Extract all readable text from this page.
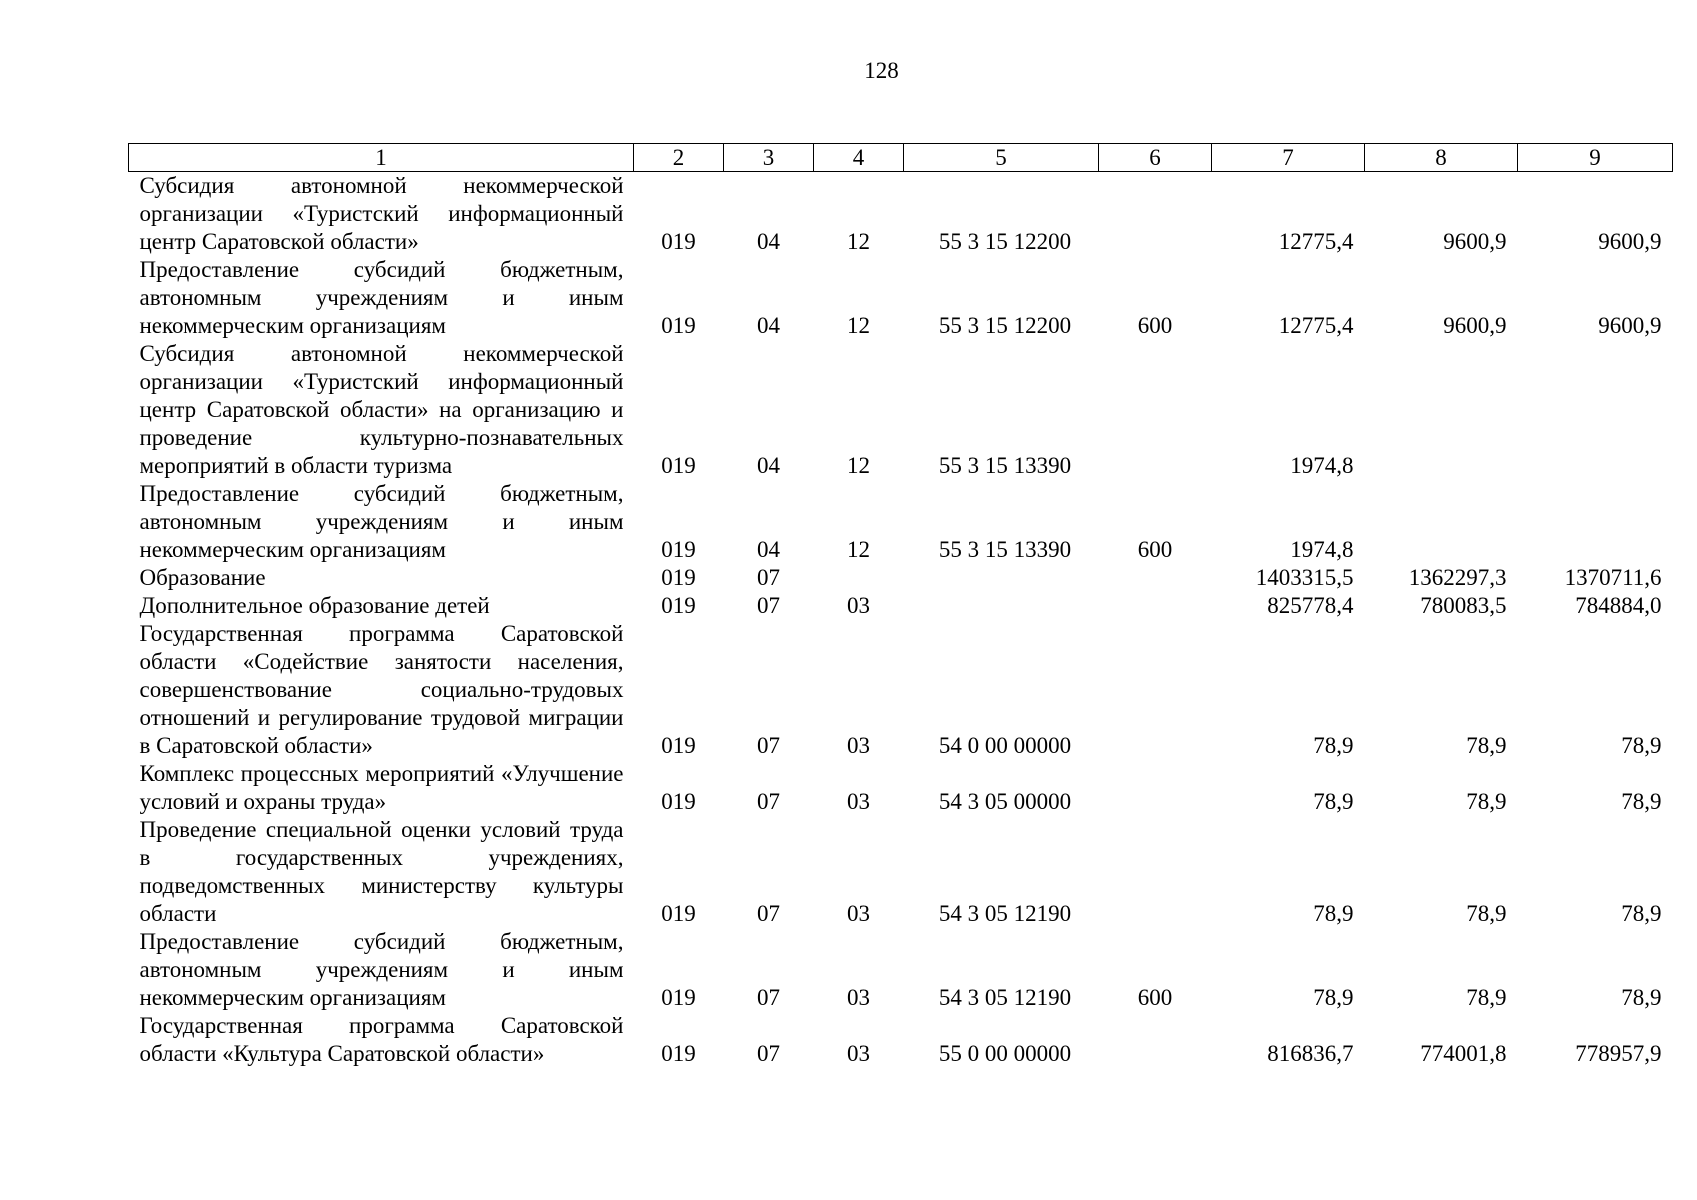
128
1	2	3	4	5	6	7	8	9
Субсидия автономной некоммерческой организации «Туристский информационный центр Саратовской области»	019	04	12	55 3 15 12200		12775,4	9600,9	9600,9
Предоставление субсидий бюджетным, автономным учреждениям и иным некоммерческим организациям	019	04	12	55 3 15 12200	600	12775,4	9600,9	9600,9
Субсидия автономной некоммерческой организации «Туристский информационный центр Саратовской области» на организацию и проведение культурно-познавательных мероприятий в области туризма	019	04	12	55 3 15 13390		1974,8		
Предоставление субсидий бюджетным, автономным учреждениям и иным некоммерческим организациям	019	04	12	55 3 15 13390	600	1974,8		
Образование	019	07				1403315,5	1362297,3	1370711,6
Дополнительное образование детей	019	07	03			825778,4	780083,5	784884,0
Государственная программа Саратовской области «Содействие занятости населения, совершенствование социально-трудовых отношений и регулирование трудовой миграции в Саратовской области»	019	07	03	54 0 00 00000		78,9	78,9	78,9
Комплекс процессных мероприятий «Улучшение условий и охраны труда»	019	07	03	54 3 05 00000		78,9	78,9	78,9
Проведение специальной оценки условий труда в государственных учреждениях, подведомственных министерству культуры области	019	07	03	54 3 05 12190		78,9	78,9	78,9
Предоставление субсидий бюджетным, автономным учреждениям и иным некоммерческим организациям	019	07	03	54 3 05 12190	600	78,9	78,9	78,9
Государственная программа Саратовской области «Культура Саратовской области»	019	07	03	55 0 00 00000		816836,7	774001,8	778957,9
